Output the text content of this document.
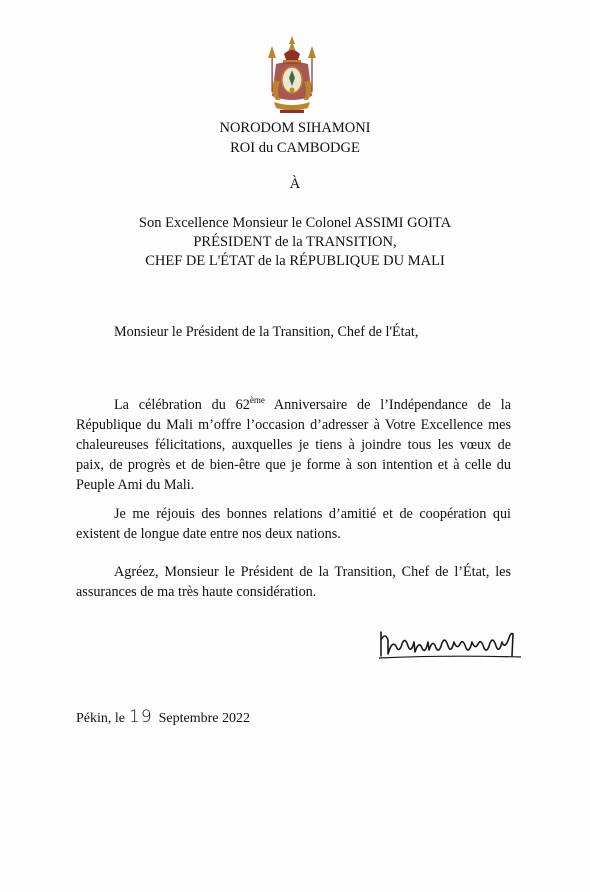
NORODOM SIHAMONI
ROI du CAMBODGE
À
Son Excellence Monsieur le Colonel ASSIMI GOITA
PRÉSIDENT de la TRANSITION,
CHEF DE L'ÉTAT de la RÉPUBLIQUE DU MALI
Monsieur le Président de la Transition, Chef de l'État,
La célébration du 62ème Anniversaire de l’Indépendance de la
République du Mali m’offre l’occasion d’adresser à Votre Excellence mes chaleureuses félicitations, auxquelles je tiens à joindre tous les vœux de paix, de progrès et de bien-être que je forme à son intention et à celle du Peuple Ami du Mali.
Je me réjouis des bonnes relations d’amitié et de coopération qui existent de longue date entre nos deux nations.
Agréez, Monsieur le Président de la Transition, Chef de l’État, les assurances de ma très haute considération.
Pékin, le 19 Septembre 2022
